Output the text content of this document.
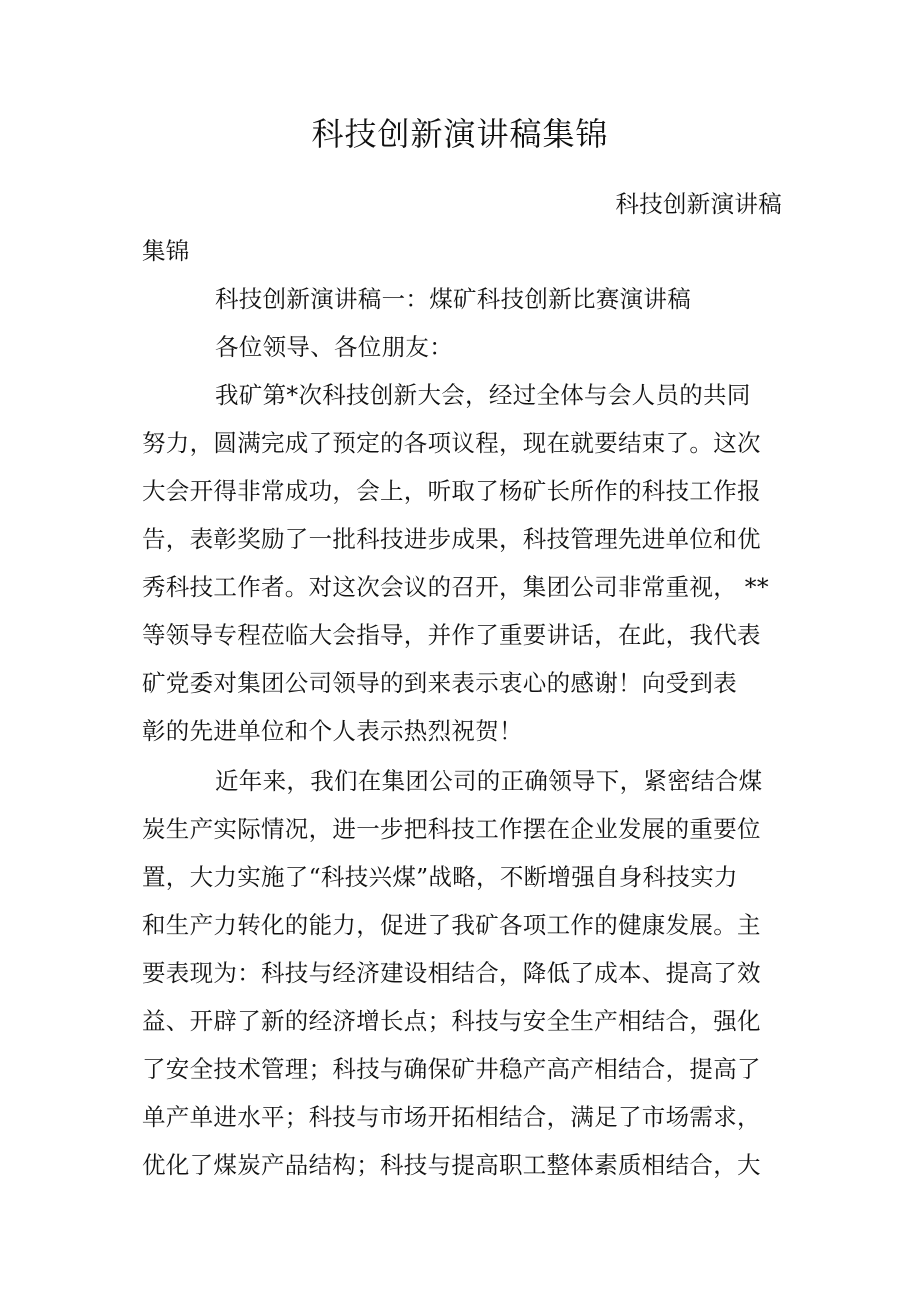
科技创新演讲稿集锦
科技创新演讲稿
集锦
科技创新演讲稿一：煤矿科技创新比赛演讲稿
各位领导、各位朋友：
我矿第*次科技创新大会，经过全体与会人员的共同
努力，圆满完成了预定的各项议程，现在就要结束了。这次
大会开得非常成功，会上，听取了杨矿长所作的科技工作报
告，表彰奖励了一批科技进步成果，科技管理先进单位和优
秀科技工作者。对这次会议的召开，集团公司非常重视， **
等领导专程莅临大会指导，并作了重要讲话，在此，我代表
矿党委对集团公司领导的到来表示衷心的感谢！向受到表
彰的先进单位和个人表示热烈祝贺！
近年来，我们在集团公司的正确领导下，紧密结合煤
炭生产实际情况，进一步把科技工作摆在企业发展的重要位
置，大力实施了“科技兴煤”战略，不断增强自身科技实力
和生产力转化的能力，促进了我矿各项工作的健康发展。主
要表现为：科技与经济建设相结合，降低了成本、提高了效
益、开辟了新的经济增长点；科技与安全生产相结合，强化
了安全技术管理；科技与确保矿井稳产高产相结合，提高了
单产单进水平；科技与市场开拓相结合，满足了市场需求，
优化了煤炭产品结构；科技与提高职工整体素质相结合，大
